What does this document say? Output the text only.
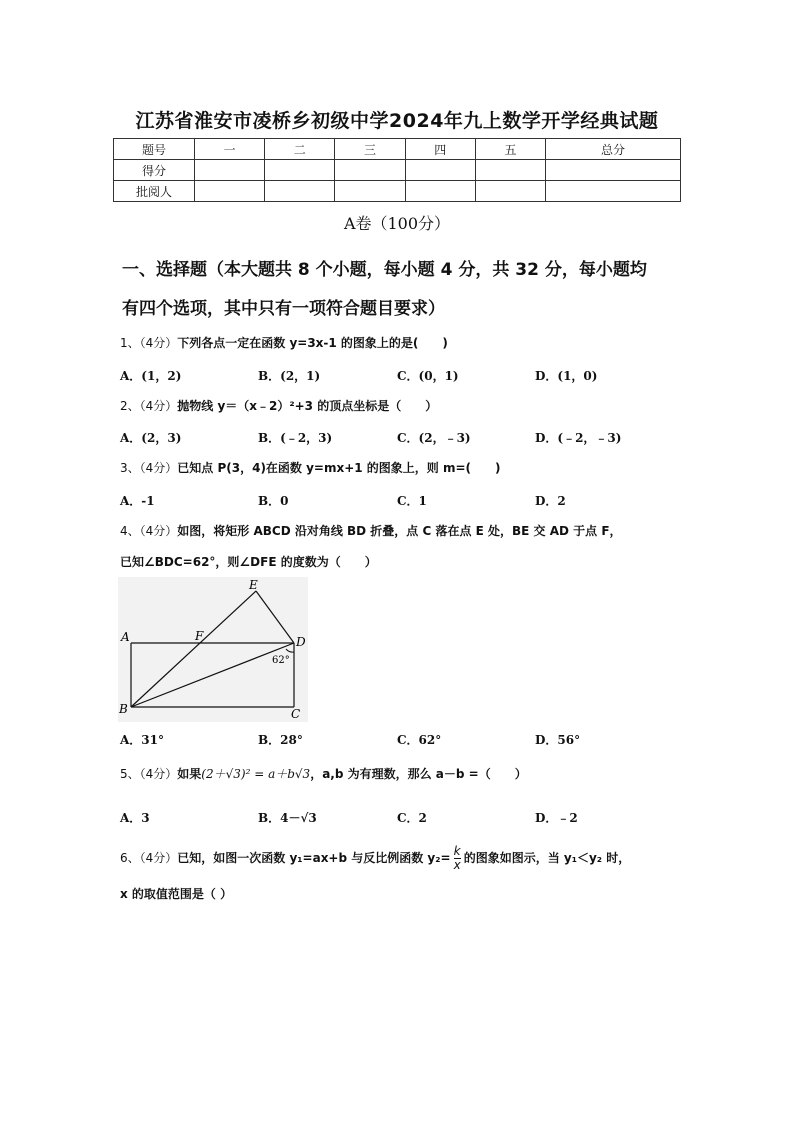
江苏省淮安市凌桥乡初级中学2024年九上数学开学经典试题
题号	一	二	三	四	五	总分
得分						
批阅人						
A卷（100分）
一、选择题（本大题共 8 个小题，每小题 4 分，共 32 分，每小题均
有四个选项，其中只有一项符合题目要求）
1、（4分）下列各点一定在函数 y=3x-1 的图象上的是(　　)
A．(1，2)	B．(2，1)	C．(0，1)	D．(1，0)
2、（4分）抛物线 y＝（x﹣2）²+3 的顶点坐标是（　　）
A．(2，3)	B．(﹣2，3)	C．(2，﹣3)	D．(﹣2，﹣3)
3、（4分）已知点 P(3，4)在函数 y=mx+1 的图象上，则 m=(　　)
A．-1	B．0	C．1	D．2
4、（4分）如图，将矩形 ABCD 沿对角线 BD 折叠，点 C 落在点 E 处，BE 交 AD 于点 F，
已知∠BDC=62°，则∠DFE 的度数为（　　）
E
A	F	D
62°
B	C
A．31°	B．28°	C．62°	D．56°
5、（4分）如果(2＋√3)² = a＋b√3，a,b 为有理数，那么 a－b =（　　）
A．3	B．4－√3	C．2	D．﹣2
6、（4分）已知，如图一次函数 y₁=ax+b 与反比例函数 $y_2= \frac{k}{x}$ 的图象如图示，当 y₁＜y₂ 时，
x 的取值范围是（ ）
